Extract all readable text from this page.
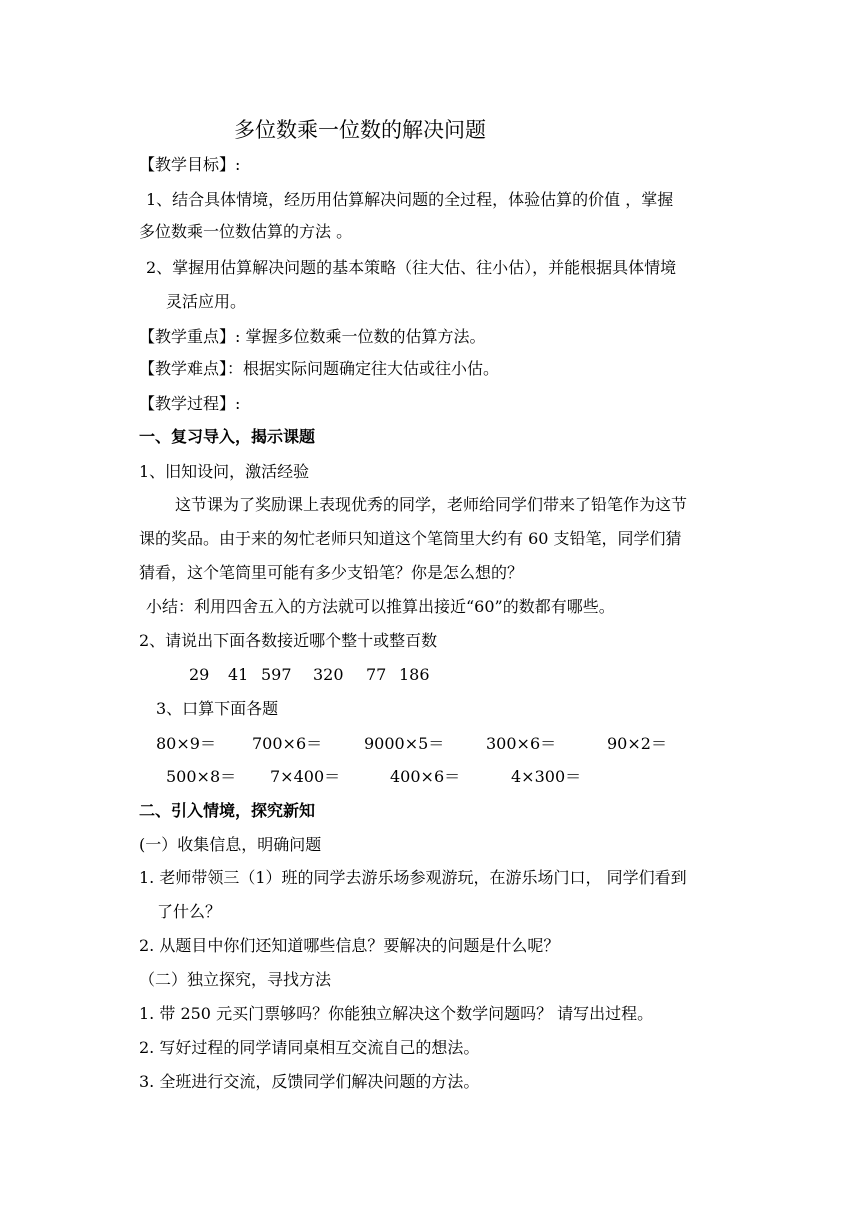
多位数乘一位数的解决问题
【教学目标】:
1、结合具体情境，经历用估算解决问题的全过程，体验估算的价值 ，掌握
多位数乘一位数估算的方法 。
2、掌握用估算解决问题的基本策略（往大估、往小估），并能根据具体情境
灵活应用。
【教学重点】: 掌握多位数乘一位数的估算方法。
【教学难点】：根据实际问题确定往大估或往小估。
【教学过程】:
一、复习导入，揭示课题
1、旧知设问，激活经验
这节课为了奖励课上表现优秀的同学，老师给同学们带来了铅笔作为这节
课的奖品。由于来的匆忙老师只知道这个笔筒里大约有 60 支铅笔，同学们猜
猜看，这个笔筒里可能有多少支铅笔？你是怎么想的？
小结：利用四舍五入的方法就可以推算出接近“60”的数都有哪些。
2、请说出下面各数接近哪个整十或整百数
29 41 597 320 77 186
3、口算下面各题
80×9＝ 700×6＝	9000×5＝	300×6＝	90×2＝
500×8＝ 7×400＝	400×6＝	4×300＝
二、引入情境，探究新知
(一）收集信息，明确问题
1. 老师带领三（1）班的同学去游乐场参观游玩，在游乐场门口， 同学们看到
了什么？
2. 从题目中你们还知道哪些信息？要解决的问题是什么呢？
（二）独立探究，寻找方法
1. 带 250 元买门票够吗？你能独立解决这个数学问题吗？ 请写出过程。
2. 写好过程的同学请同桌相互交流自己的想法。
3. 全班进行交流，反馈同学们解决问题的方法。
